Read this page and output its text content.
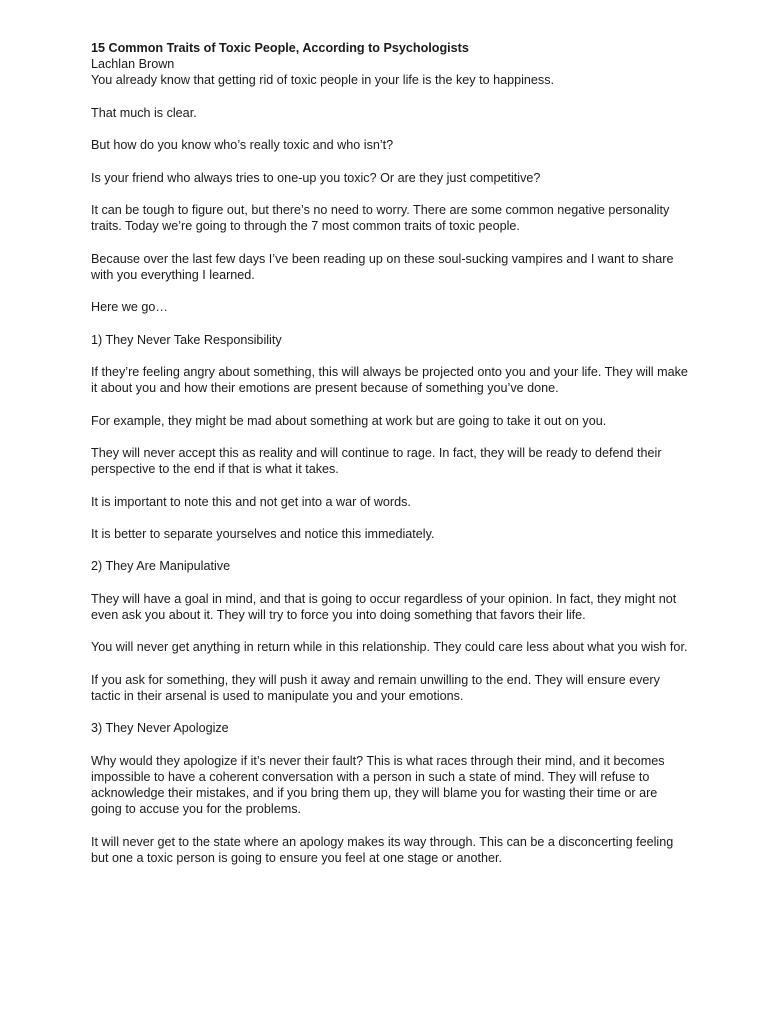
15 Common Traits of Toxic People, According to Psychologists

Lachlan Brown

You already know that getting rid of toxic people in your life is the key to happiness.

That much is clear.

But how do you know who’s really toxic and who isn’t?

Is your friend who always tries to one-up you toxic? Or are they just competitive?

It can be tough to figure out, but there’s no need to worry. There are some common negative personality traits. Today we’re going to through the 7 most common traits of toxic people.

Because over the last few days I’ve been reading up on these soul-sucking vampires and I want to share with you everything I learned.

Here we go…

1) They Never Take Responsibility

If they’re feeling angry about something, this will always be projected onto you and your life. They will make it about you and how their emotions are present because of something you’ve done.

For example, they might be mad about something at work but are going to take it out on you.

They will never accept this as reality and will continue to rage. In fact, they will be ready to defend their perspective to the end if that is what it takes.

It is important to note this and not get into a war of words.

It is better to separate yourselves and notice this immediately.

2) They Are Manipulative

They will have a goal in mind, and that is going to occur regardless of your opinion. In fact, they might not even ask you about it. They will try to force you into doing something that favors their life.

You will never get anything in return while in this relationship. They could care less about what you wish for.

If you ask for something, they will push it away and remain unwilling to the end. They will ensure every tactic in their arsenal is used to manipulate you and your emotions.

3) They Never Apologize

Why would they apologize if it’s never their fault? This is what races through their mind, and it becomes impossible to have a coherent conversation with a person in such a state of mind. They will refuse to acknowledge their mistakes, and if you bring them up, they will blame you for wasting their time or are going to accuse you for the problems.

It will never get to the state where an apology makes its way through. This can be a disconcerting feeling but one a toxic person is going to ensure you feel at one stage or another.
